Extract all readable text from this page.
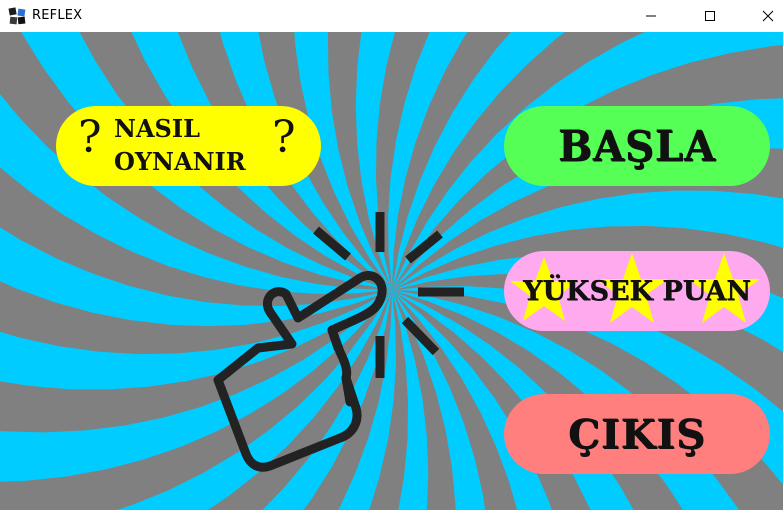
REFLEX
? NASIL
OYNANIR ?	BAŞLA
YÜKSEK PUAN
ÇIKIŞ
